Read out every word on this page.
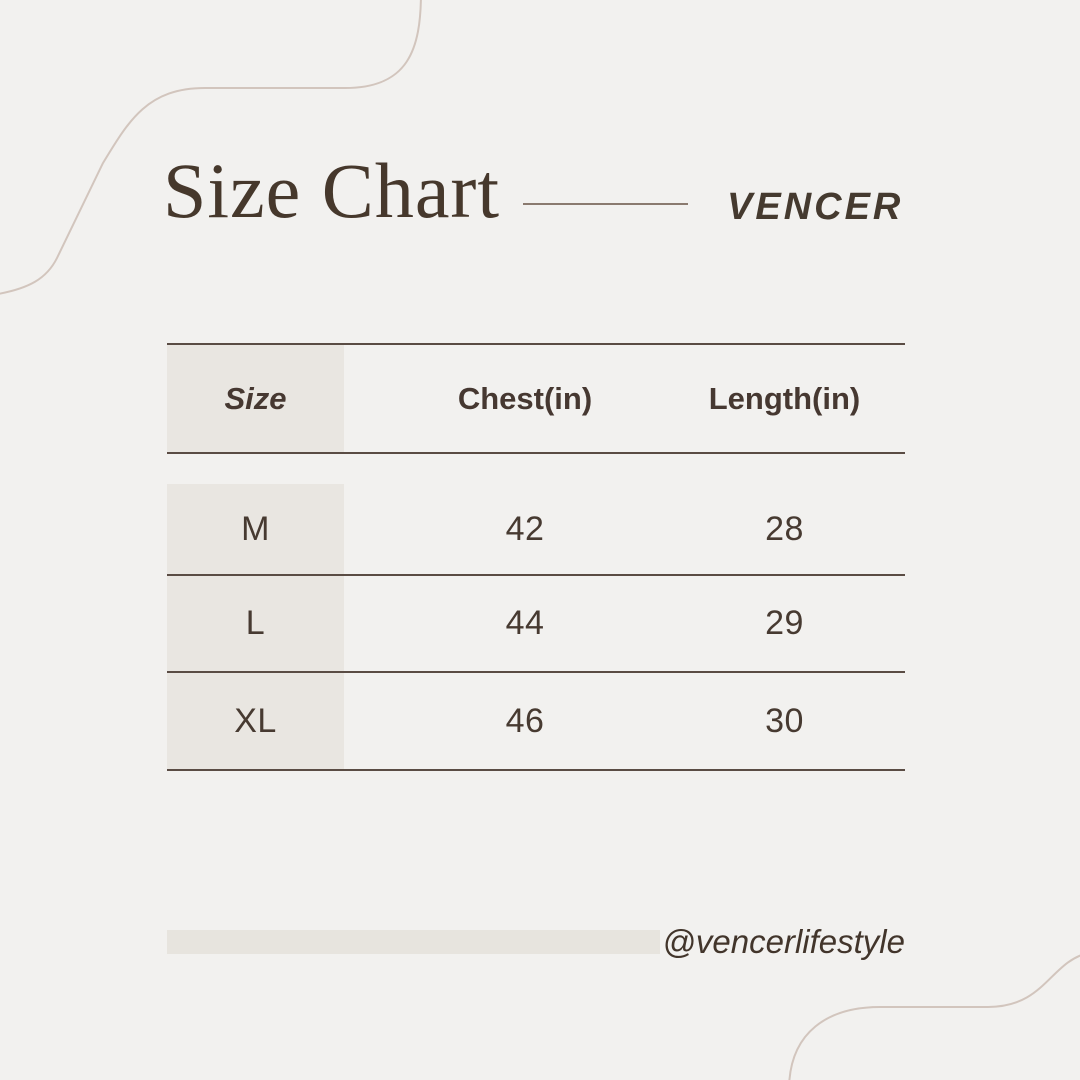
Size Chart	VENCER
Size	Chest(in)	Length(in)
M	42	28
L	44	29
XL	46	30
@vencerlifestyle
